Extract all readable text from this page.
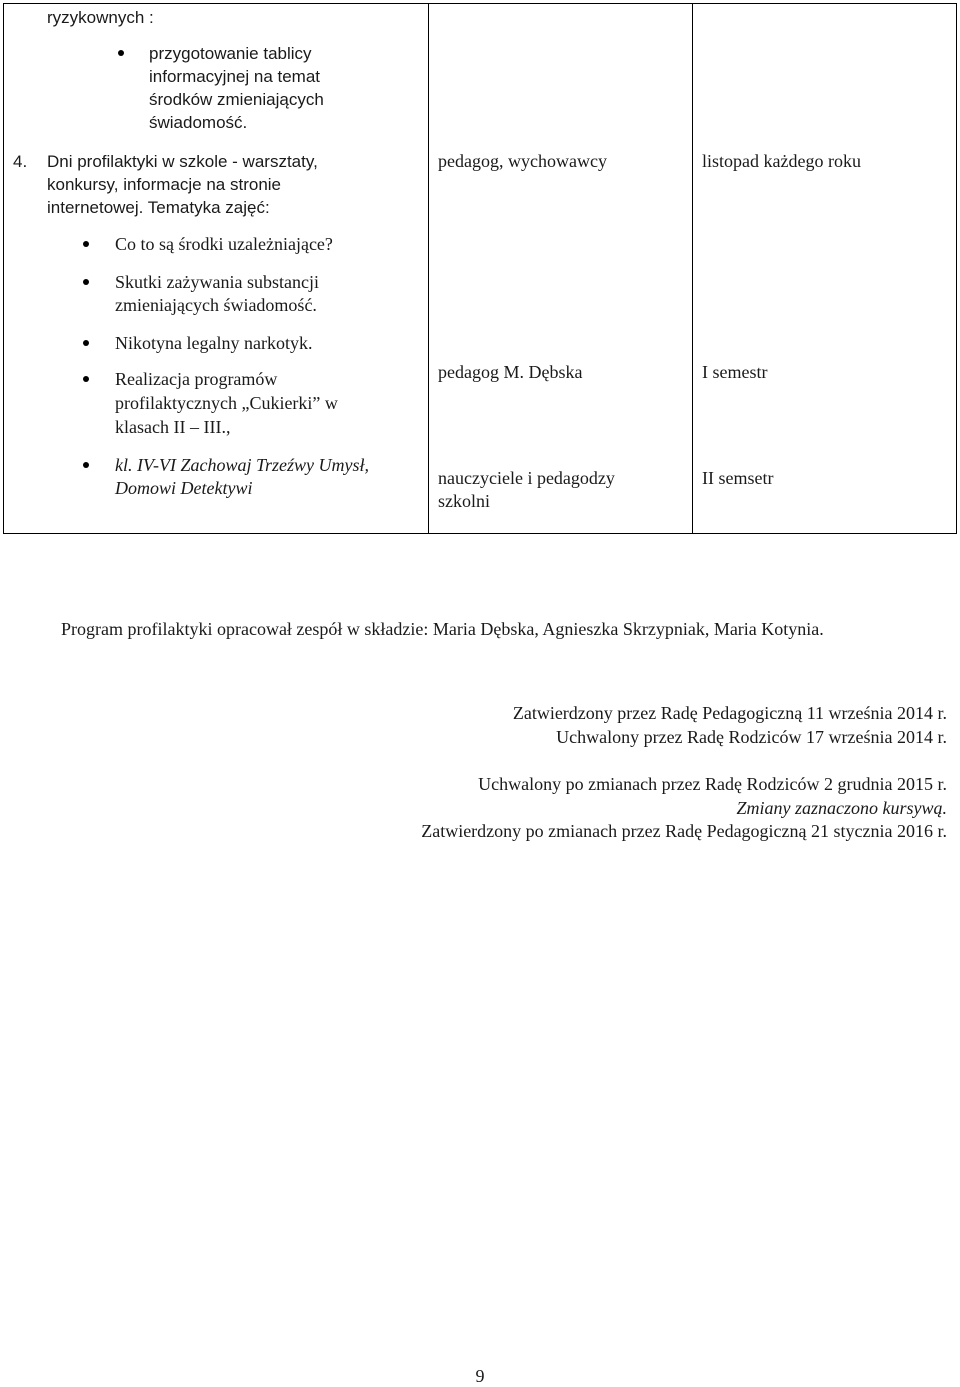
ryzykownych :
przygotowanie tablicy
informacyjnej na temat
środków zmieniających
świadomość.
4. Dni profilaktyki w szkole - warsztaty,
konkursy, informacje na stronie
internetowej. Tematyka zajęć:
Co to są środki uzależniające?
Skutki zażywania substancji
zmieniających świadomość.
Nikotyna legalny narkotyk.
Realizacja programów
profilaktycznych „Cukierki” w
klasach II – III.,
kl. IV-VI Zachowaj Trzeźwy Umysł,
Domowi Detektywi
pedagog, wychowawcy
pedagog M. Dębska
nauczyciele i pedagodzy
szkolni
listopad każdego roku
I semestr
II semsetr
Program profilaktyki opracował zespół w składzie: Maria Dębska, Agnieszka Skrzypniak, Maria Kotynia.
Zatwierdzony przez Radę Pedagogiczną 11 września 2014 r.
Uchwalony przez Radę Rodziców 17 września 2014 r.
Uchwalony po zmianach przez Radę Rodziców 2 grudnia 2015 r.
Zmiany zaznaczono kursywą.
Zatwierdzony po zmianach przez Radę Pedagogiczną 21 stycznia 2016 r.
9
